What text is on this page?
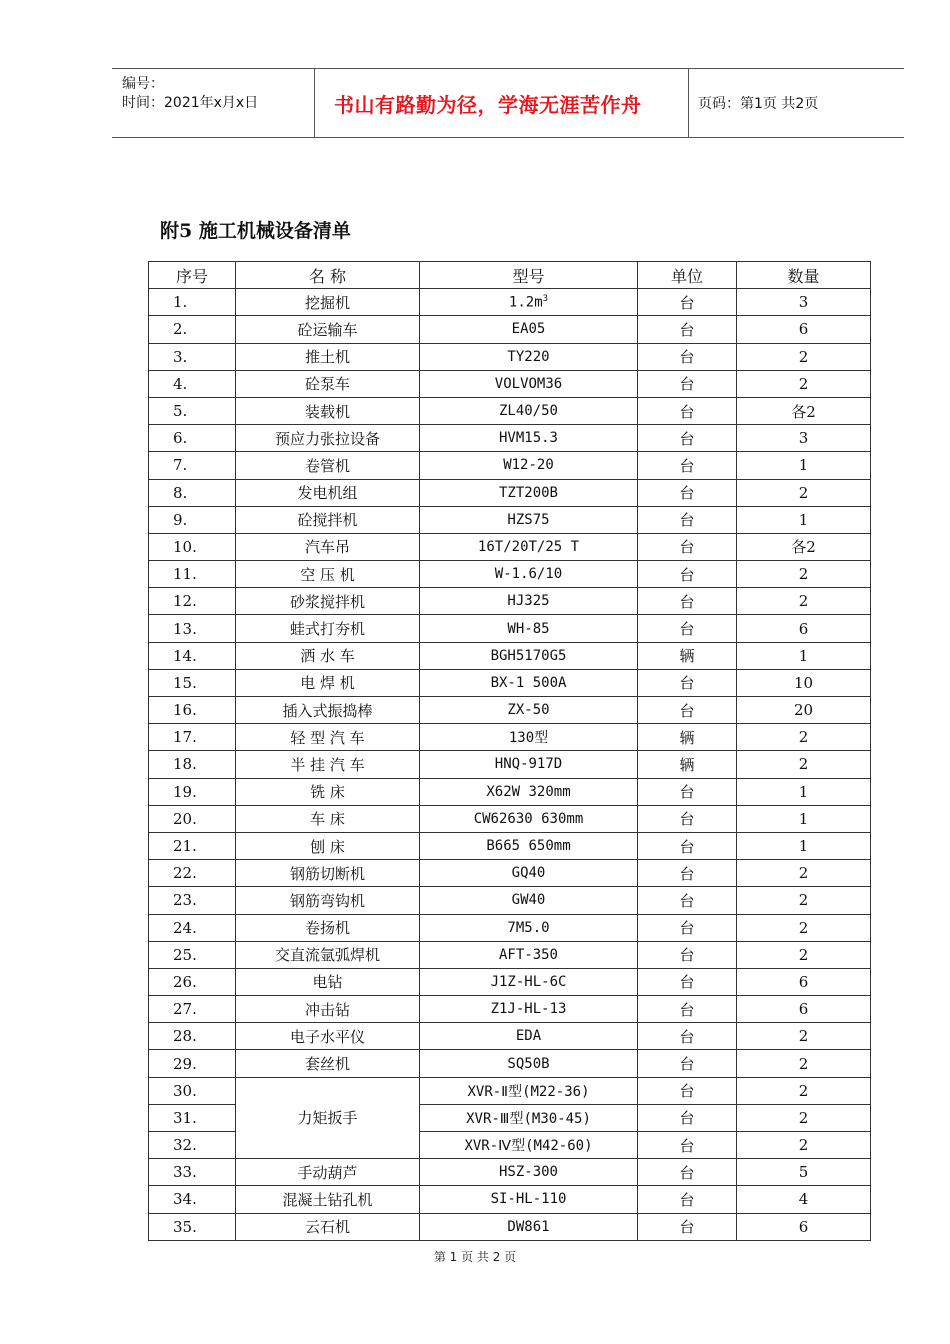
编号：
时间：2021年x月x日	书山有路勤为径，学海无涯苦作舟	页码：第1页 共2页
附5 施工机械设备清单
序号	名 称	型号	单位	数量
1.	挖掘机	$1.2m^3$	台	3
2.	砼运输车	EA05	台	6
3.	推土机	TY220	台	2
4.	砼泵车	VOLVOM36	台	2
5.	装载机	ZL40/50	台	各2
6.	预应力张拉设备	HVM15.3	台	3
7.	卷管机	W12-20	台	1
8.	发电机组	TZT200B	台	2
9.	砼搅拌机	HZS75	台	1
10.	汽车吊	16T/20T/25 T	台	各2
11.	空 压 机	W-1.6/10	台	2
12.	砂浆搅拌机	HJ325	台	2
13.	蛙式打夯机	WH-85	台	6
14.	洒 水 车	BGH5170G5	辆	1
15.	电 焊 机	BX-1 500A	台	10
16.	插入式振捣棒	ZX-50	台	20
17.	轻 型 汽 车	130型	辆	2
18.	半 挂 汽 车	HNQ-917D	辆	2
19.	铣 床	X62W 320mm	台	1
20.	车 床	CW62630 630mm	台	1
21.	刨 床	B665 650mm	台	1
22.	钢筋切断机	GQ40	台	2
23.	钢筋弯钩机	GW40	台	2
24.	卷扬机	7M5.0	台	2
25.	交直流氩弧焊机	AFT-350	台	2
26.	电钻	J1Z-HL-6C	台	6
27.	冲击钻	Z1J-HL-13	台	6
28.	电子水平仪	EDA	台	2
29.	套丝机	SQ50B	台	2
30.	力矩扳手	XVR-Ⅱ型(M22-36)	台	2
31.		XVR-Ⅲ型(M30-45)	台	2
32.		XVR-Ⅳ型(M42-60)	台	2
33.	手动葫芦	HSZ-300	台	5
34.	混凝土钻孔机	SI-HL-110	台	4
35.	云石机	DW861	台	6
第 1 页 共 2 页
